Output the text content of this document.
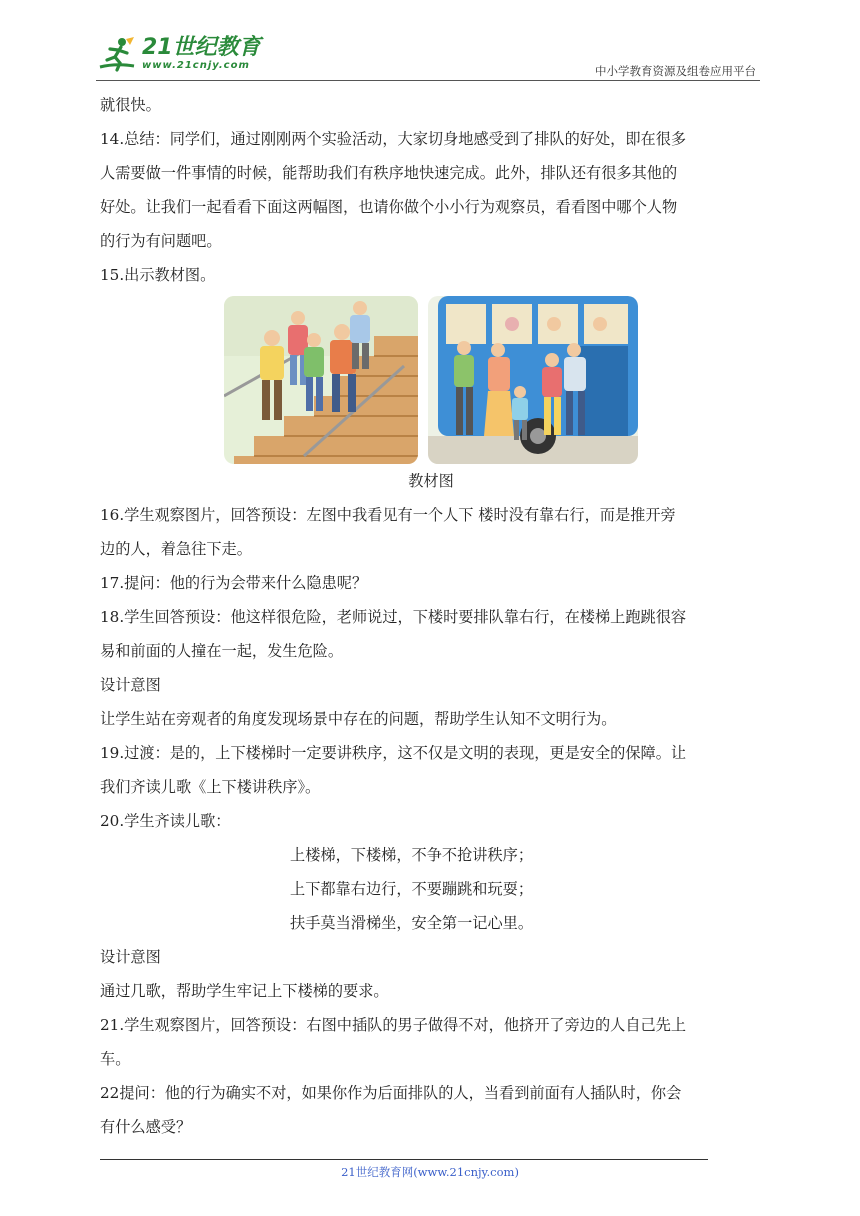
21世纪教育
www.21cnjy.com	中小学教育资源及组卷应用平台

就很快。

14.总结：同学们，通过刚刚两个实验活动，大家切身地感受到了排队的好处，即在很多

人需要做一件事情的时候，能帮助我们有秩序地快速完成。此外，排队还有很多其他的

好处。让我们一起看看下面这两幅图，也请你做个小小行为观察员，看看图中哪个人物

的行为有问题吧。

15.出示教材图。

教材图

16.学生观察图片，回答预设：左图中我看见有一个人下 楼时没有靠右行，而是推开旁

边的人，着急往下走。

17.提问：他的行为会带来什么隐患呢？

18.学生回答预设：他这样很危险，老师说过，下楼时要排队靠右行，在楼梯上跑跳很容

易和前面的人撞在一起，发生危险。

设计意图

让学生站在旁观者的角度发现场景中存在的问题，帮助学生认知不文明行为。

19.过渡：是的，上下楼梯时一定要讲秩序，这不仅是文明的表现，更是安全的保障。让

我们齐读儿歌《上下楼讲秩序》。

20.学生齐读儿歌：

上楼梯，下楼梯，不争不抢讲秩序；

上下都靠右边行，不要蹦跳和玩耍；

扶手莫当滑梯坐，安全第一记心里。

设计意图

通过几歌，帮助学生牢记上下楼梯的要求。

21.学生观察图片，回答预设：右图中插队的男子做得不对，他挤开了旁边的人自己先上

车。

22提问：他的行为确实不对，如果你作为后面排队的人，当看到前面有人插队时，你会

有什么感受？

21世纪教育网(www.21cnjy.com)
